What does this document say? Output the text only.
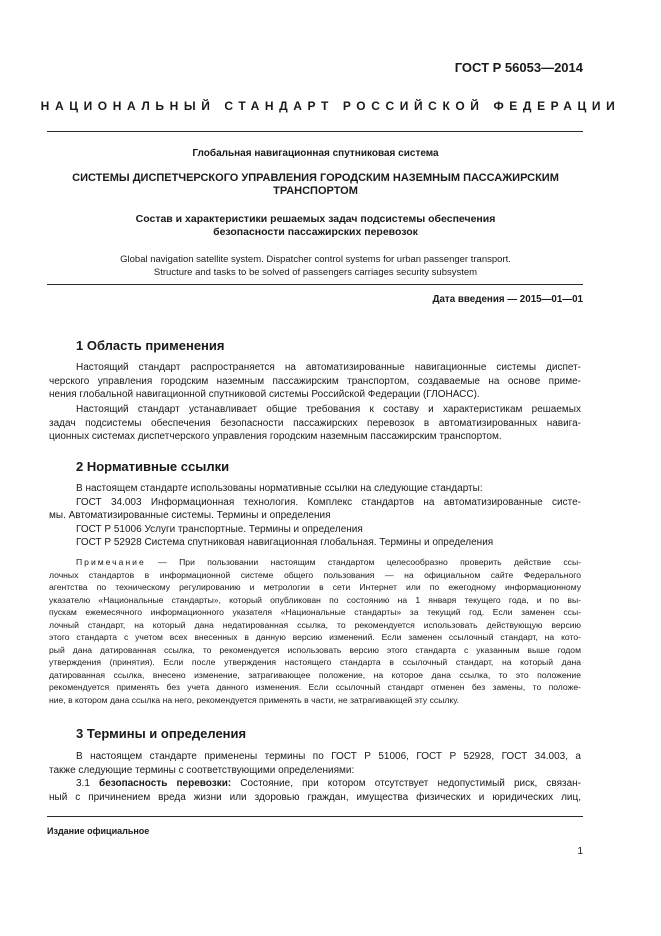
ГОСТ Р 56053—2014
НАЦИОНАЛЬНЫЙ СТАНДАРТ РОССИЙСКОЙ ФЕДЕРАЦИИ
Глобальная навигационная спутниковая система
СИСТЕМЫ ДИСПЕТЧЕРСКОГО УПРАВЛЕНИЯ ГОРОДСКИМ НАЗЕМНЫМ ПАССАЖИРСКИМ
ТРАНСПОРТОМ
Состав и характеристики решаемых задач подсистемы обеспечения
безопасности пассажирских перевозок
Global navigation satellite system. Dispatcher control systems for urban passenger transport.
Structure and tasks to be solved of passengers carriages security subsystem
Дата введения — 2015—01—01
1 Область применения
Настоящий стандарт распространяется на автоматизированные навигационные системы диспет-
черского управления городским наземным пассажирским транспортом, создаваемые на основе приме-
нения глобальной навигационной спутниковой системы Российской Федерации (ГЛОНАСС).
Настоящий стандарт устанавливает общие требования к составу и характеристикам решаемых
задач подсистемы обеспечения безопасности пассажирских перевозок в автоматизированных навига-
ционных системах диспетчерского управления городским наземным пассажирским транспортом.
2 Нормативные ссылки
В настоящем стандарте использованы нормативные ссылки на следующие стандарты:
ГОСТ 34.003 Информационная технология. Комплекс стандартов на автоматизированные систе-
мы. Автоматизированные системы. Термины и определения
ГОСТ Р 51006 Услуги транспортные. Термины и определения
ГОСТ Р 52928 Система спутниковая навигационная глобальная. Термины и определения
Примечание — При пользовании настоящим стандартом целесообразно проверить действие ссы-
лочных стандартов в информационной системе общего пользования — на официальном сайте Федерального
агентства по техническому регулированию и метрологии в сети Интернет или по ежегодному информационному
указателю «Национальные стандарты», который опубликован по состоянию на 1 января текущего года, и по вы-
пускам ежемесячного информационного указателя «Национальные стандарты» за текущий год. Если заменен ссы-
лочный стандарт, на который дана недатированная ссылка, то рекомендуется использовать действующую версию
этого стандарта с учетом всех внесенных в данную версию изменений. Если заменен ссылочный стандарт, на кото-
рый дана датированная ссылка, то рекомендуется использовать версию этого стандарта с указанным выше годом
утверждения (принятия). Если после утверждения настоящего стандарта в ссылочный стандарт, на который дана
датированная ссылка, внесено изменение, затрагивающее положение, на которое дана ссылка, то это положение
рекомендуется применять без учета данного изменения. Если ссылочный стандарт отменен без замены, то положе-
ние, в котором дана ссылка на него, рекомендуется применять в части, не затрагивающей эту ссылку.
3 Термины и определения
В настоящем стандарте применены термины по ГОСТ Р 51006, ГОСТ Р 52928, ГОСТ 34.003, а
также следующие термины с соответствующими определениями:
3.1 безопасность перевозки: Состояние, при котором отсутствует недопустимый риск, связан-
ный с причинением вреда жизни или здоровью граждан, имущества физических и юридических лиц,
Издание официальное
1
